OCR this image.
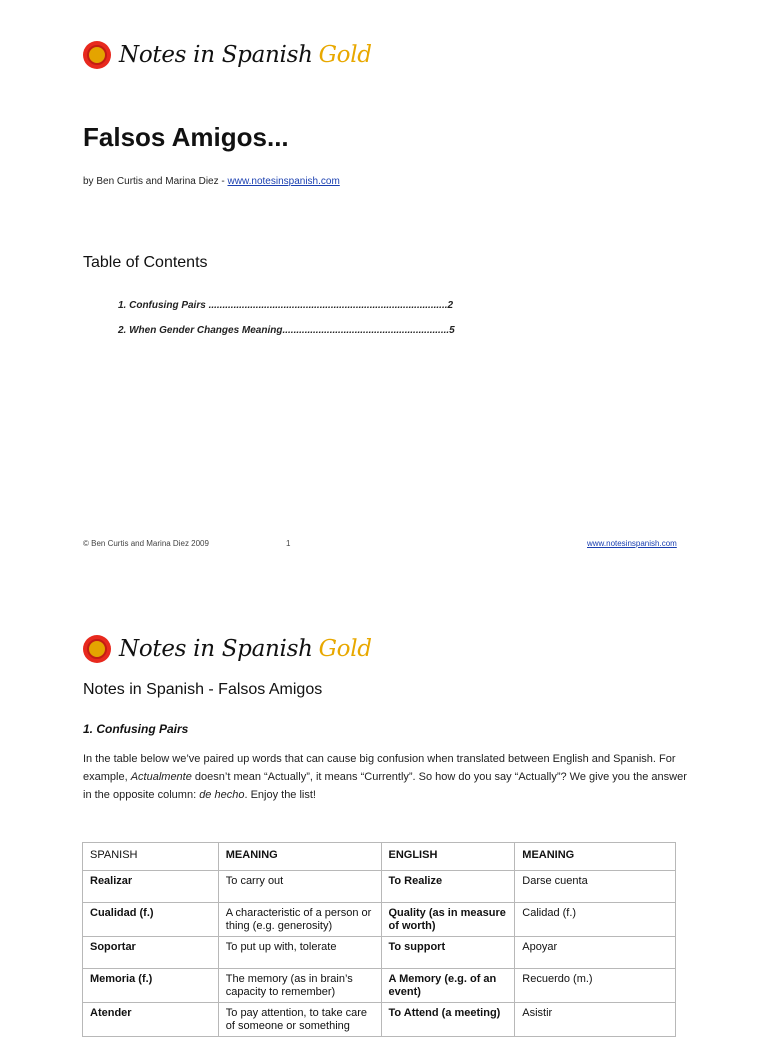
Notes in Spanish Gold
Falsos Amigos...
by Ben Curtis and Marina Diez - www.notesinspanish.com
Table of Contents
1. Confusing Pairs ......................................................................................2
2. When Gender Changes Meaning............................................................5
© Ben Curtis and Marina Diez 2009	1	www.notesinspanish.com
Notes in Spanish Gold
Notes in Spanish - Falsos Amigos
1. Confusing Pairs
In the table below we’ve paired up words that can cause big confusion when translated between English and Spanish. For example, Actualmente doesn’t mean “Actually”, it means “Currently”. So how do you say “Actually”? We give you the answer in the opposite column: de hecho. Enjoy the list!
SPANISH	MEANING	ENGLISH	MEANING
Realizar	To carry out	To Realize	Darse cuenta
Cualidad (f.)	A characteristic of a person or thing (e.g. generosity)	Quality (as in measure of worth)	Calidad (f.)
Soportar	To put up with, tolerate	To support	Apoyar
Memoria (f.)	The memory (as in brain’s capacity to remember)	A Memory (e.g. of an event)	Recuerdo (m.)
Atender	To pay attention, to take care of someone or something	To Attend (a meeting)	Asistir
